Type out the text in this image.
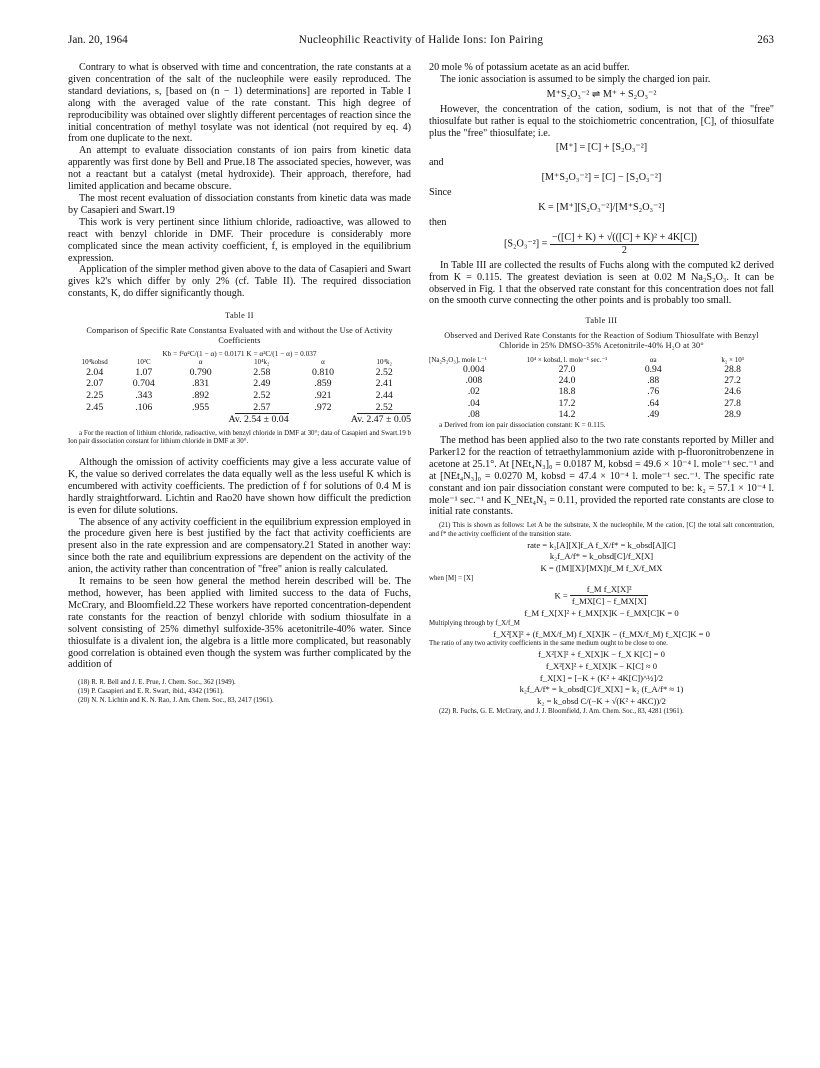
Jan. 20, 1964	Nucleophilic Reactivity of Halide Ions: Ion Pairing	263

Contrary to what is observed with time and concentration, the rate constants at a given concentration of the salt of the nucleophile were easily reproduced. The standard deviations, s, [based on (n − 1) determinations] are reported in Table I along with the averaged value of the rate constant. This high degree of reproducibility was obtained over slightly different percentages of reaction since the initial concentration of methyl tosylate was not identical (not required by eq. 4) from one duplicate to the next.

An attempt to evaluate dissociation constants of ion pairs from kinetic data apparently was first done by Bell and Prue.18 The associated species, however, was not a reactant but a catalyst (metal hydroxide). Their approach, therefore, had limited application and became obscure.

The most recent evaluation of dissociation constants from kinetic data was made by Casapieri and Swart.19

This work is very pertinent since lithium chloride, radioactive, was allowed to react with benzyl chloride in DMF. Their procedure is considerably more complicated since the mean activity coefficient, f, is employed in the equilibrium expression.

Application of the simpler method given above to the data of Casapieri and Swart gives k2's which differ by only 2% (cf. Table II). The required dissociation constants, K, do differ significantly though.

Table II
Comparison of Specific Rate Constantsa Evaluated with and without the Use of Activity Coefficients
Kb = f²α²C/(1 − α) = 0.0171 K = α²C/(1 − α) = 0.037
10⁴kobsd	10²C	α	10⁴k₂	α	10⁴k₂
2.04	1.07	0.790	2.58	0.810	2.52
2.07	0.704	.831	2.49	.859	2.41
2.25	.343	.892	2.52	.921	2.44
2.45	.106	.955	2.57	.972	2.52
		Av. 2.54 ± 0.04		Av. 2.47 ± 0.05	

a For the reaction of lithium chloride, radioactive, with benzyl chloride in DMF at 30°; data of Casapieri and Swart.19 b Ion pair dissociation constant for lithium chloride in DMF at 30°.

Although the omission of activity coefficients may give a less accurate value of K, the value so derived correlates the data equally well as the less useful K which is encumbered with activity coefficients. The prediction of f for solutions of 0.4 M is hardly straightforward. Lichtin and Rao20 have shown how difficult the prediction is even for dilute solutions.

The absence of any activity coefficient in the equilibrium expression employed in the procedure given here is best justified by the fact that activity coefficients are present also in the rate expression and are compensatory.21 Stated in another way: since both the rate and equilibrium expressions are dependent on the activity of the anion, the activity rather than concentration of "free" anion is really calculated.

It remains to be seen how general the method herein described will be. The method, however, has been applied with limited success to the data of Fuchs, McCrary, and Bloomfield.22 These workers have reported concentration-dependent rate constants for the reaction of benzyl chloride with sodium thiosulfate in a solvent consisting of 25% dimethyl sulfoxide-35% acetonitrile-40% water. Since thiosulfate is a divalent ion, the algebra is a little more complicated, but reasonably good correlation is obtained even though the system was further complicated by the addition of

(18) R. R. Bell and J. E. Prue, J. Chem. Soc., 362 (1949).
(19) P. Casapieri and E. R. Swart, ibid., 4342 (1961).
(20) N. N. Lichtin and K. N. Rao, J. Am. Chem. Soc., 83, 2417 (1961).

20 mole % of potassium acetate as an acid buffer.

The ionic association is assumed to be simply the charged ion pair.

M⁺S₂O₃⁻² ⇌ M⁺ + S₂O₃⁻²

However, the concentration of the cation, sodium, is not that of the "free" thiosulfate but rather is equal to the stoichiometric concentration, [C], of thiosulfate plus the "free" thiosulfate; i.e.

[M⁺] = [C] + [S₂O₃⁻²]

and

[M⁺S₂O₃⁻²] = [C] − [S₂O₃⁻²]

Since

K = [M⁺][S₂O₃⁻²]/[M⁺S₂O₃⁻²]

then

$[S_2O_3^{-2}] = \frac{\text{−([C] + K) + √(([C] + K)² + 4K[C])}}{2}$

In Table III are collected the results of Fuchs along with the computed k2 derived from K = 0.115. The greatest deviation is seen at 0.02 M Na₂S₂O₃. It can be observed in Fig. 1 that the observed rate constant for this concentration does not fall on the smooth curve connecting the other points and is probably too small.

Table III
Observed and Derived Rate Constants for the Reaction of Sodium Thiosulfate with Benzyl Chloride in 25% DMSO-35% Acetonitrile-40% H₂O at 30°
[Na₂S₂O₃], mole l.⁻¹	10⁴ × kobsd, l. mole⁻¹ sec.⁻¹	αa	k₂ × 10³
0.004	27.0	0.94	28.8
.008	24.0	.88	27.2
.02	18.8	.76	24.6
.04	17.2	.64	27.8
.08	14.2	.49	28.9

a Derived from ion pair dissociation constant: K = 0.115.

The method has been applied also to the two rate constants reported by Miller and Parker12 for the reaction of tetraethylammonium azide with p-fluoronitrobenzene in acetone at 25.1°. At [NEt₄N₃]₀ = 0.0187 M, kobsd = 49.6 × 10⁻⁴ l. mole⁻¹ sec.⁻¹ and at [NEt₄N₃]₀ = 0.0270 M, kobsd = 47.4 × 10⁻⁴ l. mole⁻¹ sec.⁻¹. The specific rate constant and ion pair dissociation constant were computed to be: k₂ = 57.1 × 10⁻⁴ l. mole⁻¹ sec.⁻¹ and K_NEt₄N₃ = 0.11, provided the reported rate constants are close to initial rate constants.

(21) This is shown as follows: Let A be the substrate, X the nucleophile, M the cation, [C] the total salt concentration, and f* the activity coefficient of the transition state.

rate = k₂[A][X]f_A f_X/f* = k_obsd[A][C]
k₂f_A/f* = k_obsd[C]/f_X[X]
K = ([M][X]/[MX])f_M f_X/f_MX
when [M] = [X]
$K = \frac{\text{f\_M f\_X[X]²}}{f\_MX[C] - f\_MX[X]}$
f_M f_X[X]² + f_MX[X]K − f_MX[C]K = 0
Multiplying through by f_X/f_M
f_X²[X]² + (f_MX/f_M) f_X[X]K − (f_MX/f_M) f_X[C]K = 0
The ratio of any two activity coefficients in the same medium ought to be close to one.
f_X²[X]² + f_X[X]K − f_X K[C] = 0
f_X²[X]² + f_X[X]K − K[C] ≈ 0
f_X[X] = [−K + (K² + 4K[C])^½]/2
k₂f_A/f* = k_obsd[C]/f_X[X] = k₂ (f_A/f* ≈ 1)
k₂ = k_obsd C/(−K + √(K² + 4KC))/2
(22) R. Fuchs, G. E. McCrary, and J. J. Bloomfield, J. Am. Chem. Soc., 83, 4281 (1961).
